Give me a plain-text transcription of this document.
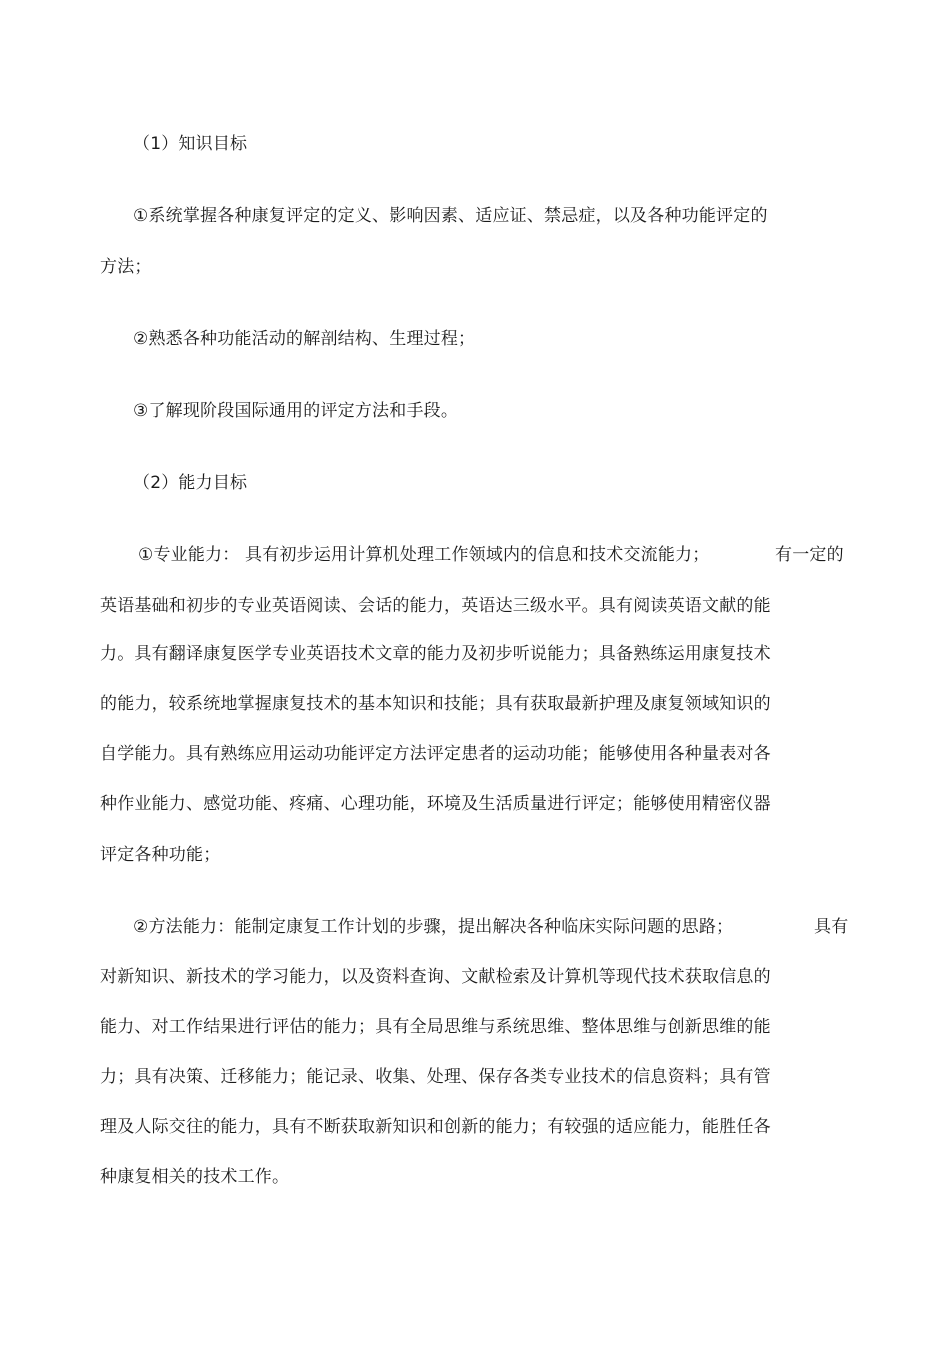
（1）知识目标
①系统掌握各种康复评定的定义、影响因素、适应证、禁忌症，以及各种功能评定的
方法；
②熟悉各种功能活动的解剖结构、生理过程；
③了解现阶段国际通用的评定方法和手段。
（2）能力目标
①专业能力： 具有初步运用计算机处理工作领域内的信息和技术交流能力；	有一定的
英语基础和初步的专业英语阅读、会话的能力，英语达三级水平。具有阅读英语文献的能
力。具有翻译康复医学专业英语技术文章的能力及初步听说能力；具备熟练运用康复技术
的能力，较系统地掌握康复技术的基本知识和技能；具有获取最新护理及康复领域知识的
自学能力。具有熟练应用运动功能评定方法评定患者的运动功能；能够使用各种量表对各
种作业能力、感觉功能、疼痛、心理功能，环境及生活质量进行评定；能够使用精密仪器
评定各种功能；
②方法能力：能制定康复工作计划的步骤，提出解决各种临床实际问题的思路；	具有
对新知识、新技术的学习能力，以及资料查询、文献检索及计算机等现代技术获取信息的
能力、对工作结果进行评估的能力；具有全局思维与系统思维、整体思维与创新思维的能
力；具有决策、迁移能力；能记录、收集、处理、保存各类专业技术的信息资料；具有管
理及人际交往的能力，具有不断获取新知识和创新的能力；有较强的适应能力，能胜任各
种康复相关的技术工作。
